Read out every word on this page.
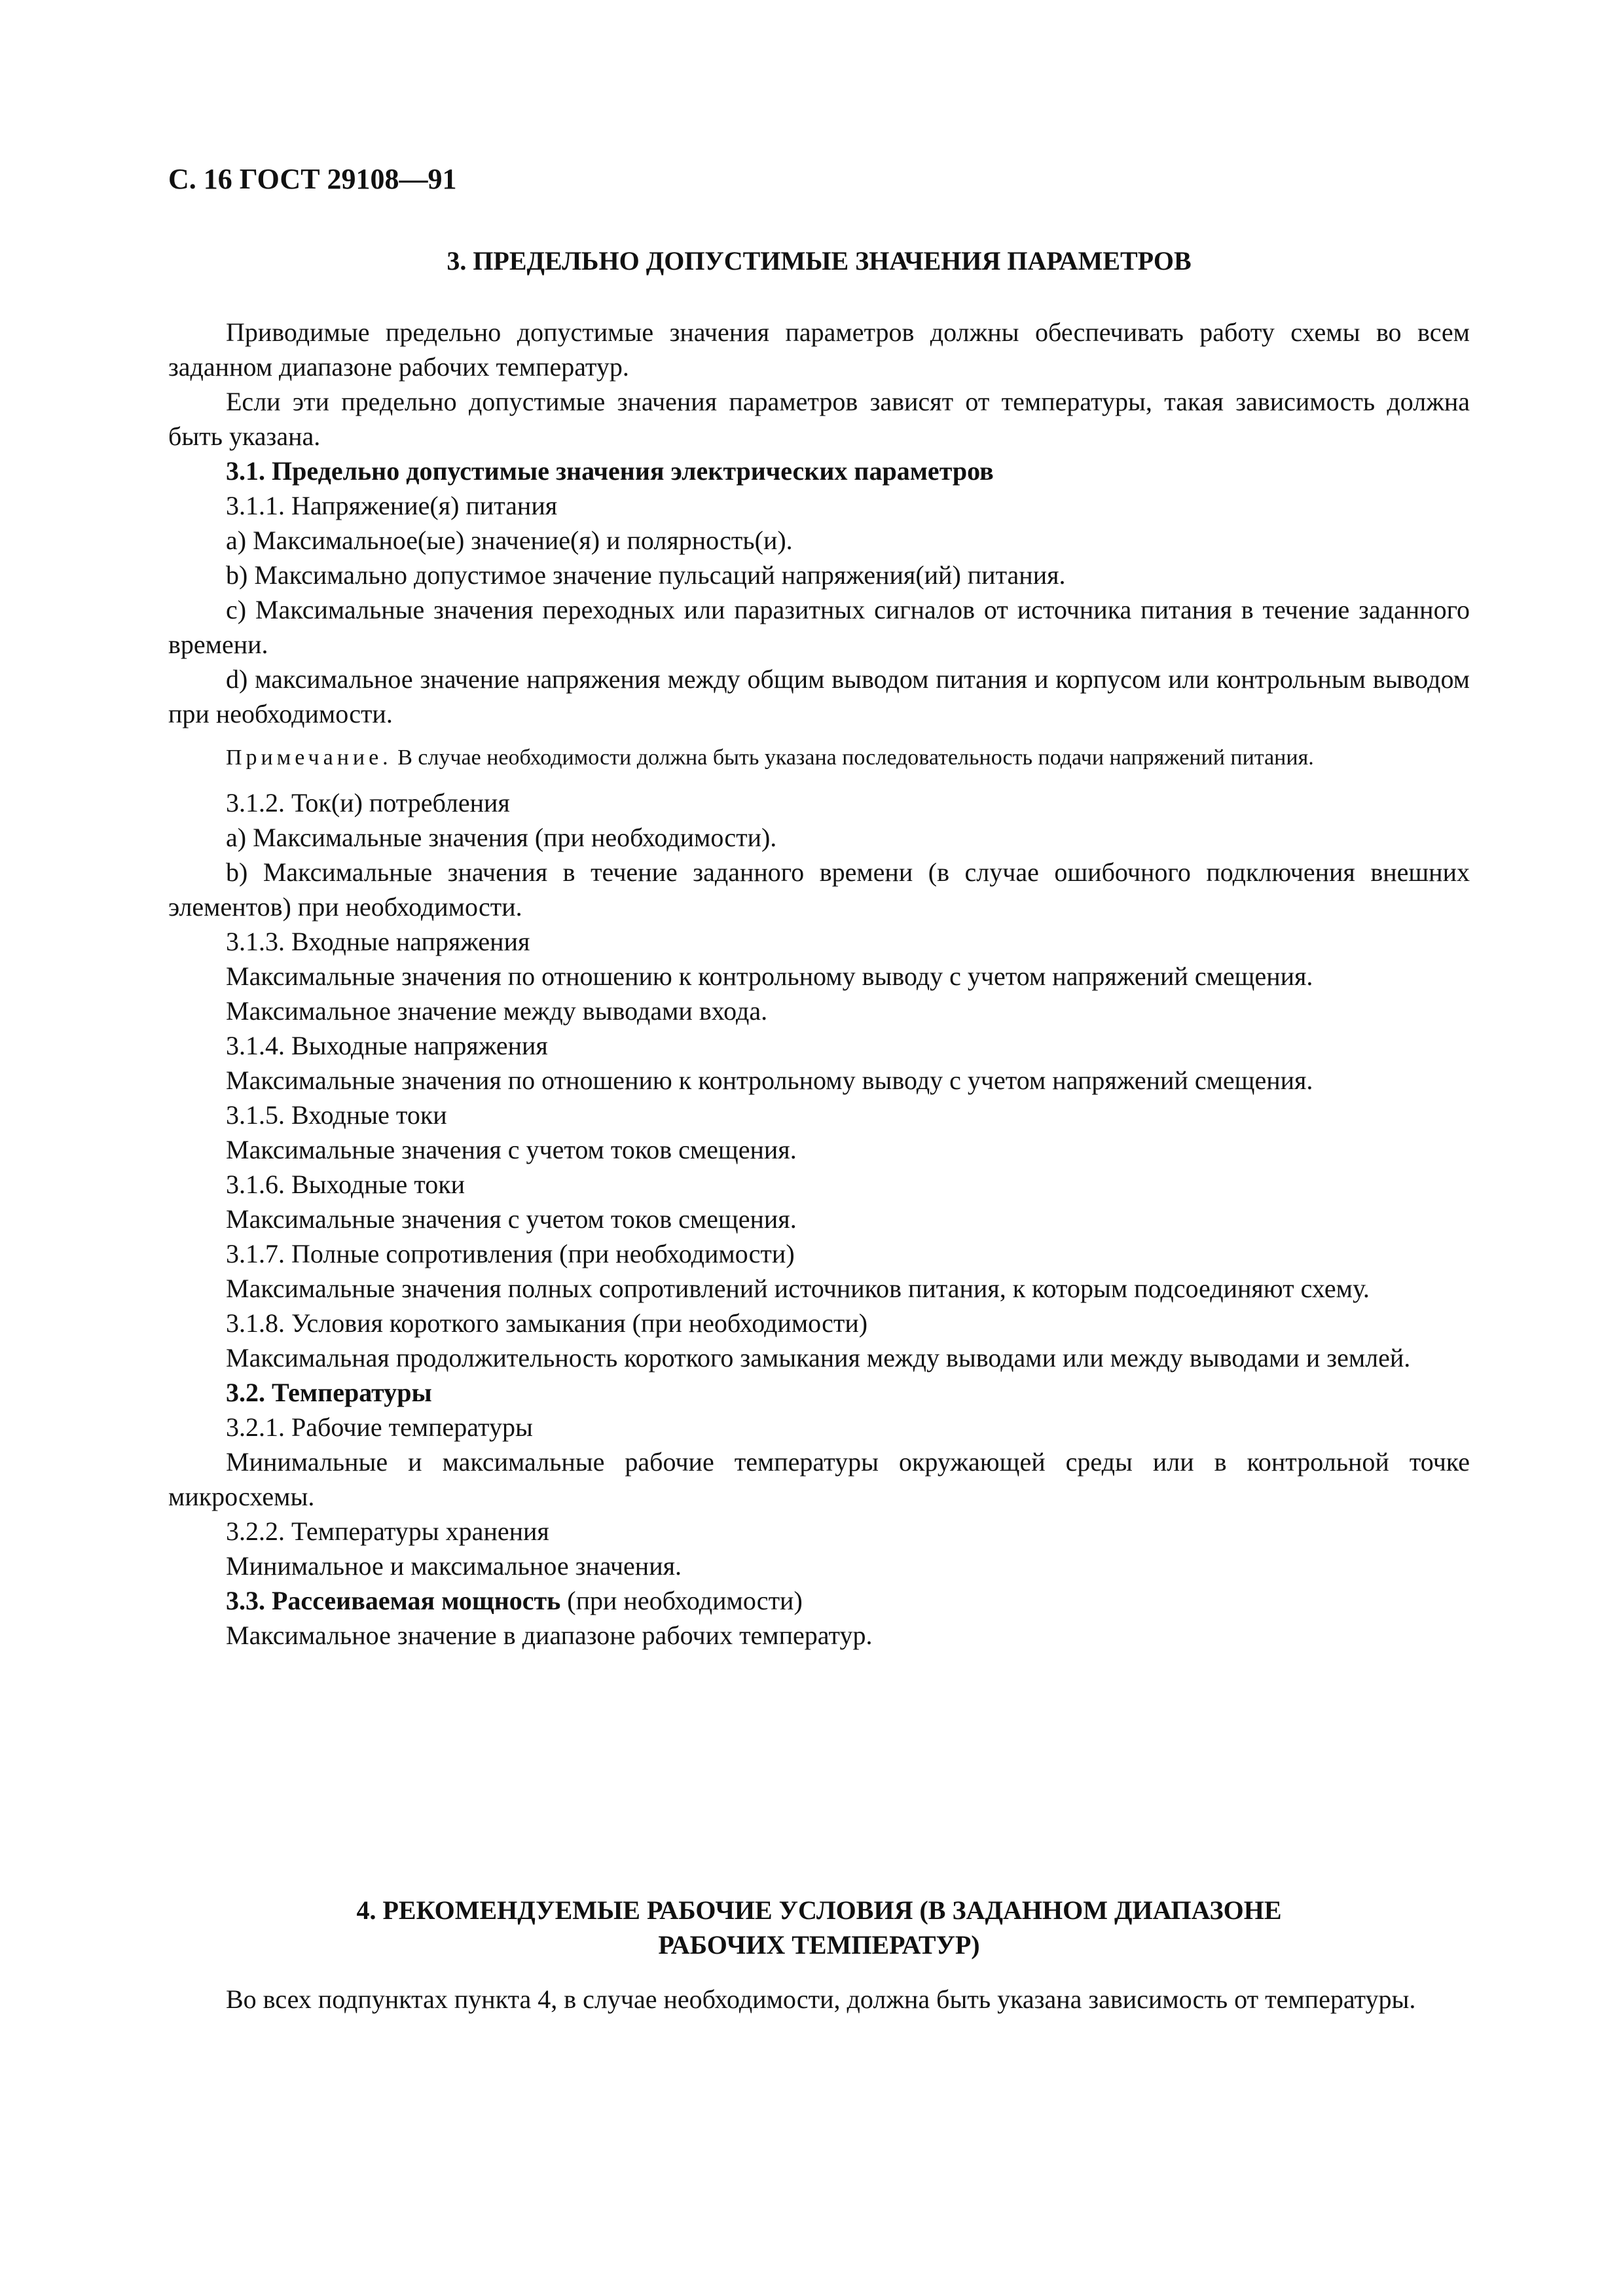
С. 16 ГОСТ 29108—91
3. ПРЕДЕЛЬНО ДОПУСТИМЫЕ ЗНАЧЕНИЯ ПАРАМЕТРОВ

Приводимые предельно допустимые значения параметров должны обеспечивать работу схемы во всем заданном диапазоне рабочих температур.

Если эти предельно допустимые значения параметров зависят от температуры, такая зависимость должна быть указана.

3.1. Предельно допустимые значения электрических параметров

3.1.1. Напряжение(я) питания

а) Максимальное(ые) значение(я) и полярность(и).

b) Максимально допустимое значение пульсаций напряжения(ий) питания.

c) Максимальные значения переходных или паразитных сигналов от источника питания в течение заданного времени.

d) максимальное значение напряжения между общим выводом питания и корпусом или контрольным выводом при необходимости.

Примечание. В случае необходимости должна быть указана последовательность подачи напряжений питания.

3.1.2. Ток(и) потребления

а) Максимальные значения (при необходимости).

b) Максимальные значения в течение заданного времени (в случае ошибочного подключения внешних элементов) при необходимости.

3.1.3. Входные напряжения

Максимальные значения по отношению к контрольному выводу с учетом напряжений смещения.

Максимальное значение между выводами входа.

3.1.4. Выходные напряжения

Максимальные значения по отношению к контрольному выводу с учетом напряжений смещения.

3.1.5. Входные токи

Максимальные значения с учетом токов смещения.

3.1.6. Выходные токи

Максимальные значения с учетом токов смещения.

3.1.7. Полные сопротивления (при необходимости)

Максимальные значения полных сопротивлений источников питания, к которым подсоединяют схему.

3.1.8. Условия короткого замыкания (при необходимости)

Максимальная продолжительность короткого замыкания между выводами или между выводами и землей.

3.2. Температуры

3.2.1. Рабочие температуры

Минимальные и максимальные рабочие температуры окружающей среды или в контрольной точке микросхемы.

3.2.2. Температуры хранения

Минимальное и максимальное значения.

3.3. Рассеиваемая мощность (при необходимости)

Максимальное значение в диапазоне рабочих температур.

4. РЕКОМЕНДУЕМЫЕ РАБОЧИЕ УСЛОВИЯ (В ЗАДАННОМ ДИАПАЗОНЕ
РАБОЧИХ ТЕМПЕРАТУР)

Во всех подпунктах пункта 4, в случае необходимости, должна быть указана зависимость от температуры.
